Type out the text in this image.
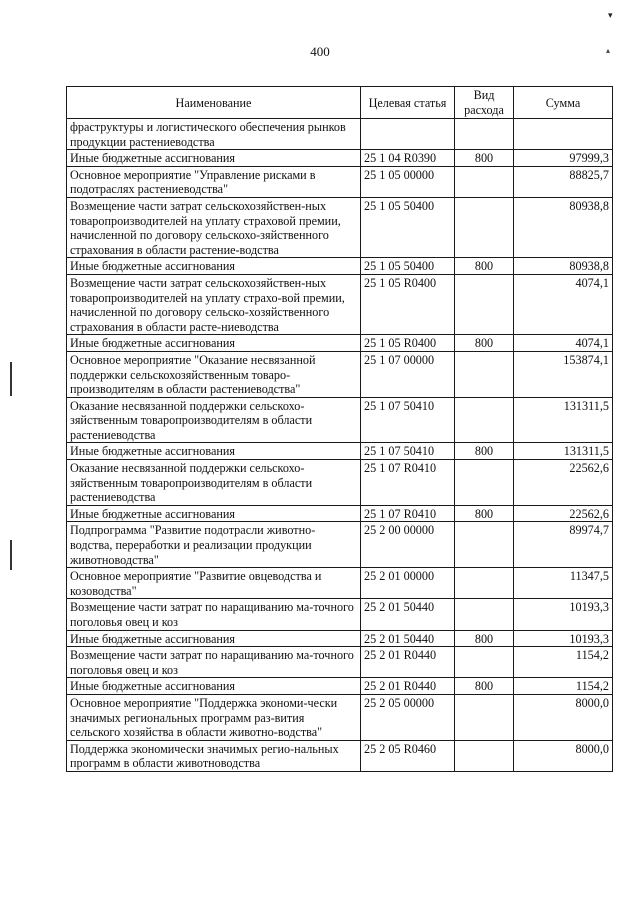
▾
▴
400
Наименование	Целевая статья	Вид расхода	Сумма
фраструктуры и логистического обеспечения рынков продукции растениеводства			
Иные бюджетные ассигнования	25 1 04 R0390	800	97999,3
Основное мероприятие "Управление рисками в подотраслях растениеводства"	25 1 05 00000		88825,7
Возмещение части затрат сельскохозяйствен-ных товаропроизводителей на уплату страховой премии, начисленной по договору сельскохо-зяйственного страхования в области растение-водства	25 1 05 50400		80938,8
Иные бюджетные ассигнования	25 1 05 50400	800	80938,8
Возмещение части затрат сельскохозяйствен-ных товаропроизводителей на уплату страхо-вой премии, начисленной по договору сельско-хозяйственного страхования в области расте-ниеводства	25 1 05 R0400		4074,1
Иные бюджетные ассигнования	25 1 05 R0400	800	4074,1
Основное мероприятие "Оказание несвязанной поддержки сельскохозяйственным товаро-производителям в области растениеводства"	25 1 07 00000		153874,1
Оказание несвязанной поддержки сельскохо-зяйственным товаропроизводителям в области растениеводства	25 1 07 50410		131311,5
Иные бюджетные ассигнования	25 1 07 50410	800	131311,5
Оказание несвязанной поддержки сельскохо-зяйственным товаропроизводителям в области растениеводства	25 1 07 R0410		22562,6
Иные бюджетные ассигнования	25 1 07 R0410	800	22562,6
Подпрограмма "Развитие подотрасли животно-водства, переработки и реализации продукции животноводства"	25 2 00 00000		89974,7
Основное мероприятие "Развитие овцеводства и козоводства"	25 2 01 00000		11347,5
Возмещение части затрат по наращиванию ма-точного поголовья овец и коз	25 2 01 50440		10193,3
Иные бюджетные ассигнования	25 2 01 50440	800	10193,3
Возмещение части затрат по наращиванию ма-точного поголовья овец и коз	25 2 01 R0440		1154,2
Иные бюджетные ассигнования	25 2 01 R0440	800	1154,2
Основное мероприятие "Поддержка экономи-чески значимых региональных программ раз-вития сельского хозяйства в области животно-водства"	25 2 05 00000		8000,0
Поддержка экономически значимых регио-нальных программ в области животноводства	25 2 05 R0460		8000,0
